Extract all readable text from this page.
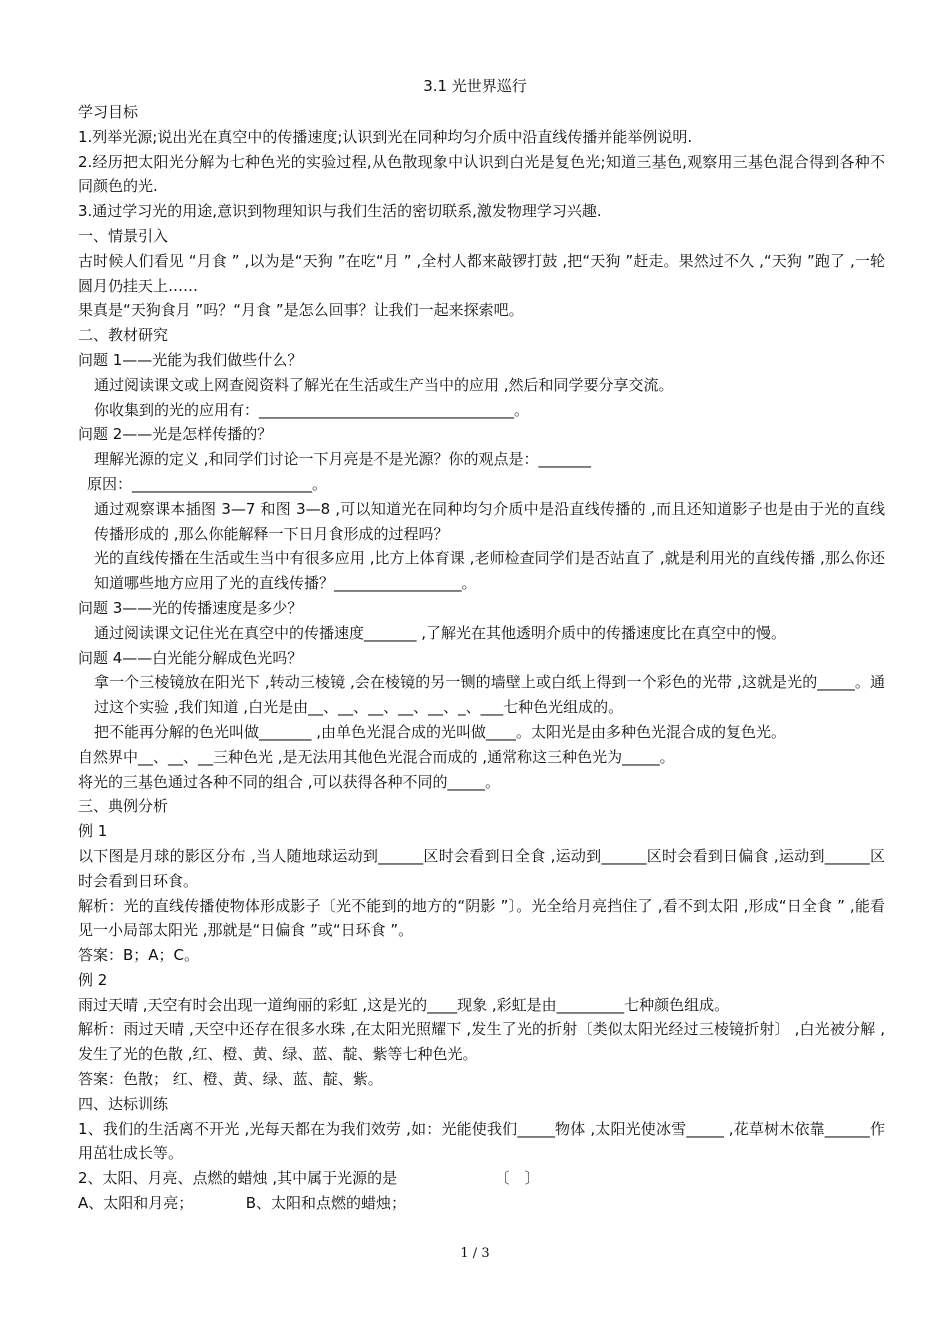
3.1 光世界巡行

学习目标

1.列举光源;说出光在真空中的传播速度;认识到光在同种均匀介质中沿直线传播并能举例说明.

2.经历把太阳光分解为七种色光的实验过程,从色散现象中认识到白光是复色光;知道三基色,观察用三基色混合得到各种不同颜色的光.

3.通过学习光的用途,意识到物理知识与我们生活的密切联系,激发物理学习兴趣.

一、情景引入

古时候人们看见 “月食 ” ,以为是“天狗 ”在吃“月 ” ,全村人都来敲锣打鼓 ,把“天狗 ”赶走。果然过不久 ,“天狗 ”跑了 ,一轮圆月仍挂天上……

果真是“天狗食月 ”吗？“月食 ”是怎么回事？让我们一起来探索吧。

二、教材研究

问题 1——光能为我们做些什么？

通过阅读课文或上网查阅资料了解光在生活或生产当中的应用 ,然后和同学要分享交流。

你收集到的光的应用有：__________________________________。

问题 2——光是怎样传播的？

理解光源的定义 ,和同学们讨论一下月亮是不是光源？你的观点是：_______

原因：________________________。

通过观察课本插图 3—7 和图 3—8 ,可以知道光在同种均匀介质中是沿直线传播的 ,而且还知道影子也是由于光的直线传播形成的 ,那么你能解释一下日月食形成的过程吗？

光的直线传播在生活或生当中有很多应用 ,比方上体育课 ,老师检查同学们是否站直了 ,就是利用光的直线传播 ,那么你还知道哪些地方应用了光的直线传播？_________________。

问题 3——光的传播速度是多少？

通过阅读课文记住光在真空中的传播速度_______ ,了解光在其他透明介质中的传播速度比在真空中的慢。

问题 4——白光能分解成色光吗？

拿一个三棱镜放在阳光下 ,转动三棱镜 ,会在棱镜的另一铡的墙壁上或白纸上得到一个彩色的光带 ,这就是光的_____。通过这个实验 ,我们知道 ,白光是由__、__、__、__、__、_、___七种色光组成的。

把不能再分解的色光叫做_______ ,由单色光混合成的光叫做____。太阳光是由多种色光混合成的复色光。

自然界中__、__、__三种色光 ,是无法用其他色光混合而成的 ,通常称这三种色光为_____。

将光的三基色通过各种不同的组合 ,可以获得各种不同的_____。

三、典例分析

例 1

以下图是月球的影区分布 ,当人随地球运动到______区时会看到日全食 ,运动到______区时会看到日偏食 ,运动到______区时会看到日环食。

解析：光的直线传播使物体形成影子〔光不能到的地方的“阴影 ”〕。光全给月亮挡住了 ,看不到太阳 ,形成“日全食 ” ,能看见一小局部太阳光 ,那就是“日偏食 ”或“日环食 ”。

答案：B；A；C。

例 2

雨过天晴 ,天空有时会出现一道绚丽的彩虹 ,这是光的____现象 ,彩虹是由_________七种颜色组成。

解析：雨过天晴 ,天空中还存在很多水珠 ,在太阳光照耀下 ,发生了光的折射〔类似太阳光经过三棱镜折射〕 ,白光被分解 ,发生了光的色散 ,红、橙、黄、绿、蓝、靛、紫等七种色光。

答案：色散； 红、橙、黄、绿、蓝、靛、紫。

四、达标训练

1、我们的生活离不开光 ,光每天都在为我们效劳 ,如：光能使我们_____物体 ,太阳光使冰雪_____ ,花草树木依靠______作用茁壮成长等。

2、太阳、月亮、点燃的蜡烛 ,其中属于光源的是　　　　　　　〔　〕

A、太阳和月亮；　　　　B、太阳和点燃的蜡烛；

1 / 3
